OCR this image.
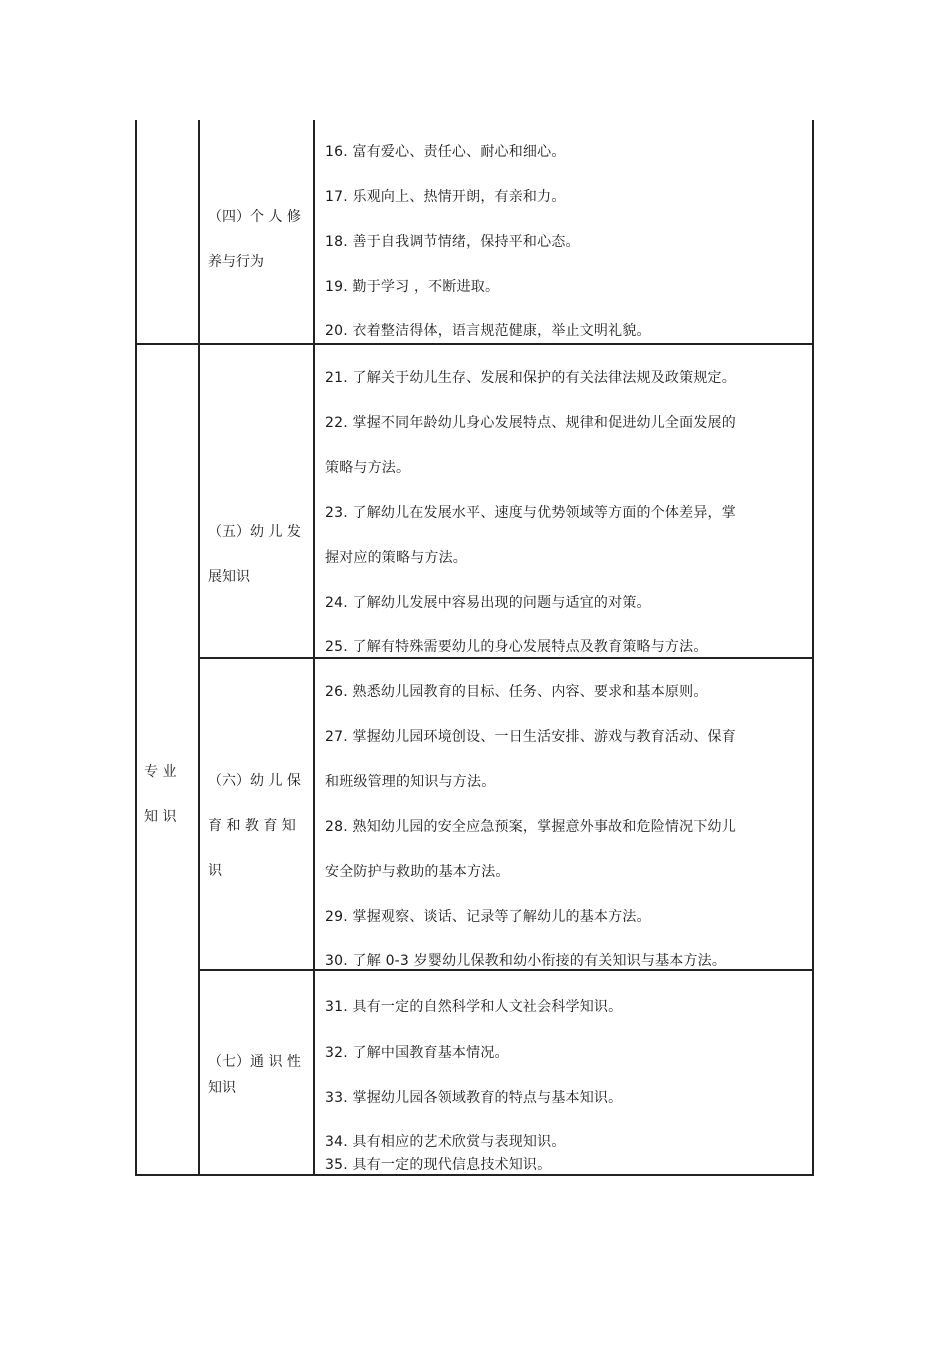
（四）个 人 修
养与行为
16. 富有爱心、责任心、耐心和细心。
17. 乐观向上、热情开朗，有亲和力。
18. 善于自我调节情绪，保持平和心态。
19. 勤于学习 ，不断进取。
20. 衣着整洁得体，语言规范健康，举止文明礼貌。
专 业
知 识
（五）幼 儿 发
展知识
21. 了解关于幼儿生存、发展和保护的有关法律法规及政策规定。
22. 掌握不同年龄幼儿身心发展特点、规律和促进幼儿全面发展的
策略与方法。
23. 了解幼儿在发展水平、速度与优势领域等方面的个体差异，掌
握对应的策略与方法。
24. 了解幼儿发展中容易出现的问题与适宜的对策。
25. 了解有特殊需要幼儿的身心发展特点及教育策略与方法。
（六）幼 儿 保
育 和 教 育 知
识
26. 熟悉幼儿园教育的目标、任务、内容、要求和基本原则。
27. 掌握幼儿园环境创设、一日生活安排、游戏与教育活动、保育
和班级管理的知识与方法。
28. 熟知幼儿园的安全应急预案，掌握意外事故和危险情况下幼儿
安全防护与救助的基本方法。
29. 掌握观察、谈话、记录等了解幼儿的基本方法。
30. 了解 0-3 岁婴幼儿保教和幼小衔接的有关知识与基本方法。
（七）通 识 性
知识
31. 具有一定的自然科学和人文社会科学知识。
32. 了解中国教育基本情况。
33. 掌握幼儿园各领域教育的特点与基本知识。
34. 具有相应的艺术欣赏与表现知识。
35. 具有一定的现代信息技术知识。
